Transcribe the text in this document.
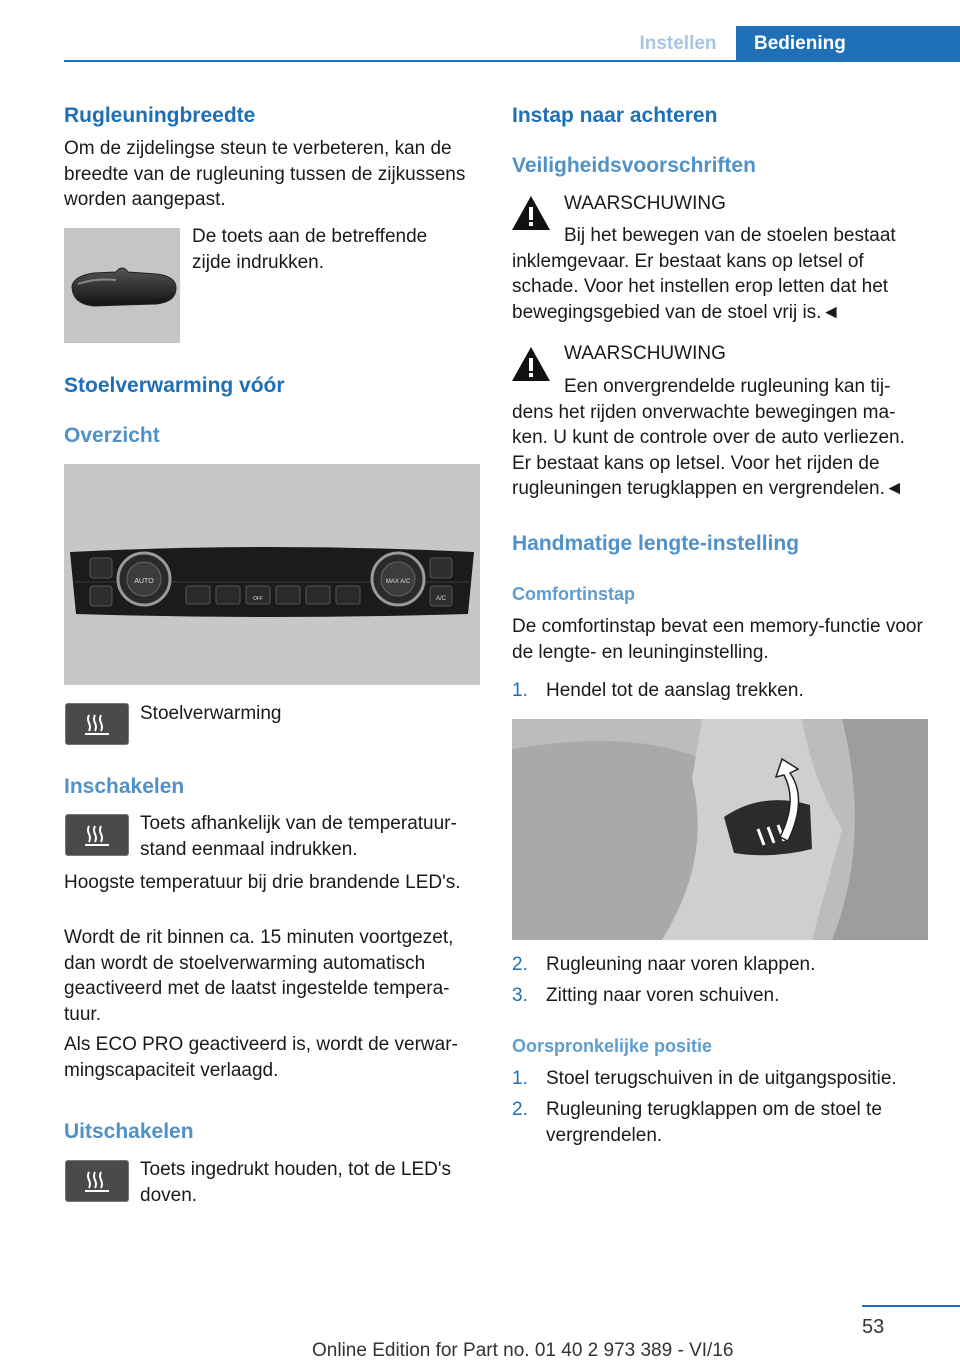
Instellen	Bediening
Rugleuningbreedte
Om de zijdelingse steun te verbeteren, kan de breedte van de rugleuning tussen de zijkussens worden aangepast.
De toets aan de betreffende zijde indrukken.
Stoelverwarming vóór
Overzicht
AUTO	MAX A/C
A/C
OFF
Stoelverwarming
Inschakelen
Toets afhankelijk van de temperatuurstand eenmaal indrukken.
Hoogste temperatuur bij drie brandende LED's.
Wordt de rit binnen ca. 15 minuten voortgezet, dan wordt de stoelverwarming automatisch geactiveerd met de laatst ingestelde temperatuur.
Als ECO PRO geactiveerd is, wordt de verwarmingscapaciteit verlaagd.
Uitschakelen
Toets ingedrukt houden, tot de LED's doven.
Instap naar achteren
Veiligheidsvoorschriften
WAARSCHUWING
Bij het bewegen van de stoelen bestaat inklemgevaar. Er bestaat kans op letsel of schade. Voor het instellen erop letten dat het bewegingsgebied van de stoel vrij is.◄
WAARSCHUWING
Een onvergrendelde rugleuning kan tijdens het rijden onverwachte bewegingen maken. U kunt de controle over de auto verliezen. Er bestaat kans op letsel. Voor het rijden de rugleuningen terugklappen en vergrendelen.◄
Handmatige lengte-instelling
Comfortinstap
De comfortinstap bevat een memory-functie voor de lengte- en leuninginstelling.
1. Hendel tot de aanslag trekken.
2. Rugleuning naar voren klappen.
3. Zitting naar voren schuiven.
Oorspronkelijke positie
1. Stoel terugschuiven in de uitgangspositie.
2. Rugleuning terugklappen om de stoel te vergrendelen.
53
Online Edition for Part no. 01 40 2 973 389 - VI/16
